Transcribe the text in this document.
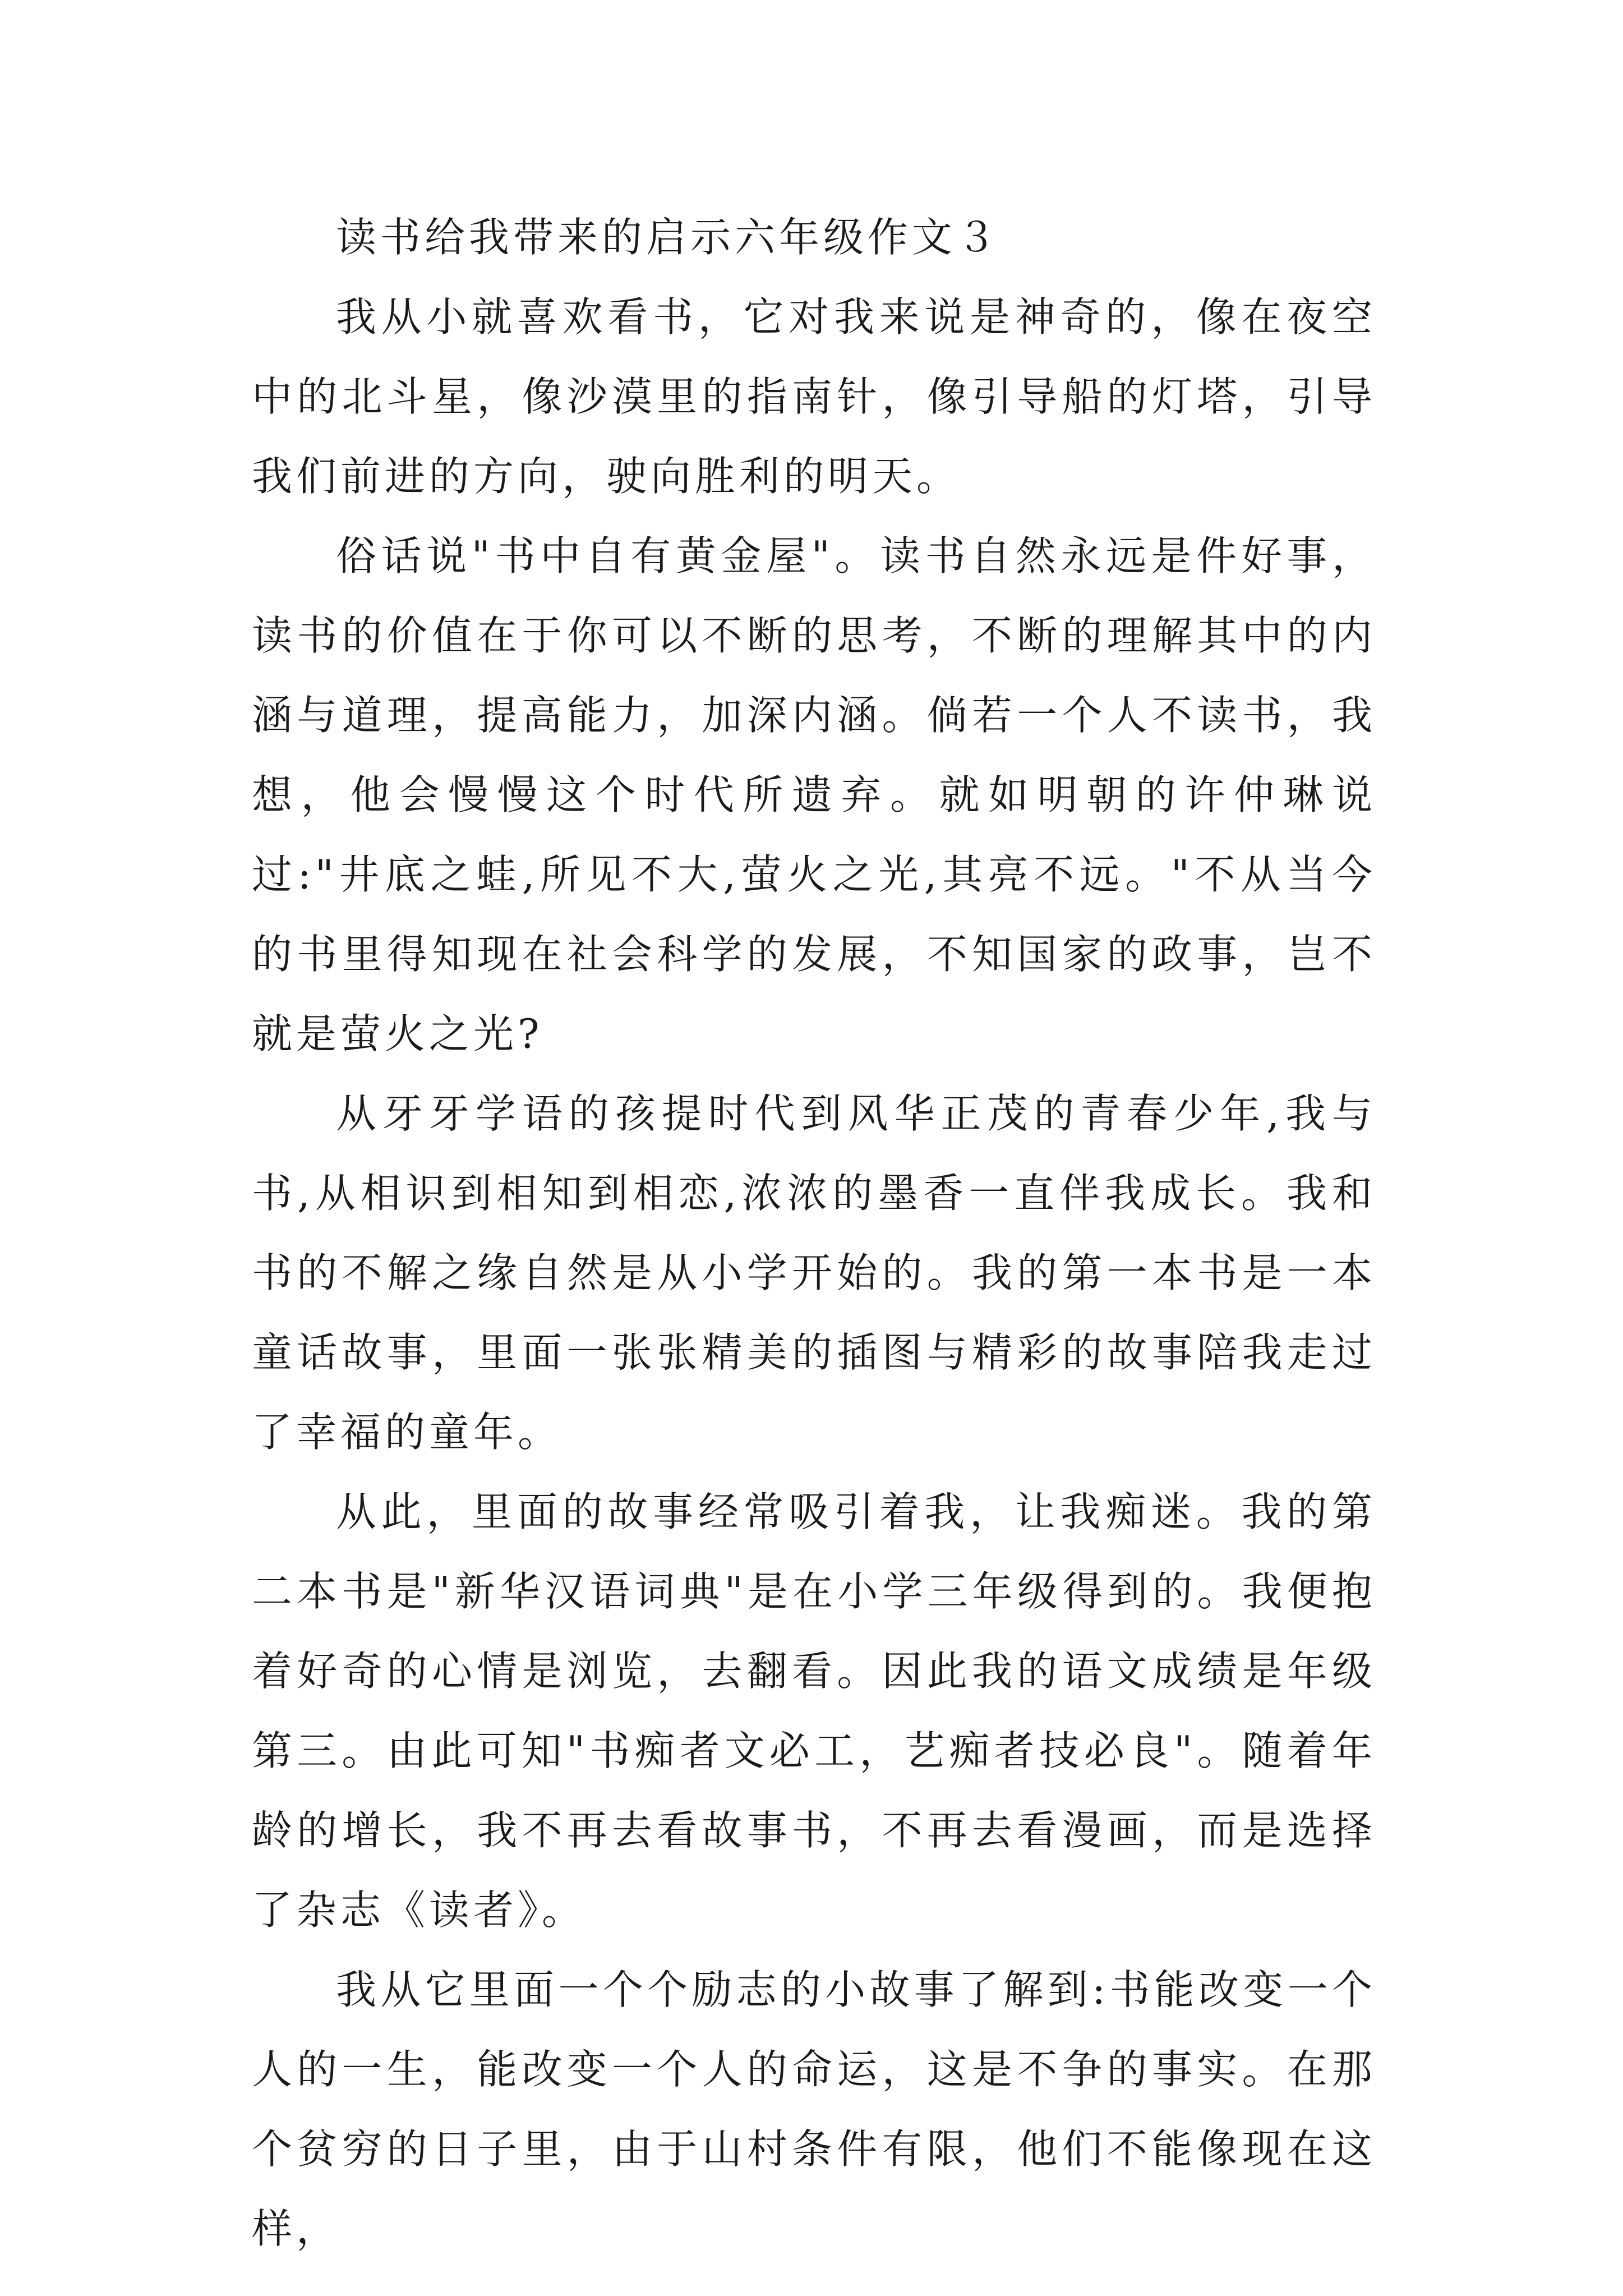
读书给我带来的启示六年级作文３

我从小就喜欢看书，它对我来说是神奇的，像在夜空中的北斗星，像沙漠里的指南针，像引导船的灯塔，引导我们前进的方向，驶向胜利的明天。

俗话说"书中自有黄金屋"。读书自然永远是件好事，读书的价值在于你可以不断的思考，不断的理解其中的内涵与道理，提高能力，加深内涵。倘若一个人不读书，我想，他会慢慢这个时代所遗弃。就如明朝的许仲琳说过:"井底之蛙,所见不大,萤火之光,其亮不远。"不从当今的书里得知现在社会科学的发展，不知国家的政事，岂不就是萤火之光?

从牙牙学语的孩提时代到风华正茂的青春少年,我与书,从相识到相知到相恋,浓浓的墨香一直伴我成长。我和书的不解之缘自然是从小学开始的。我的第一本书是一本童话故事，里面一张张精美的插图与精彩的故事陪我走过了幸福的童年。

从此，里面的故事经常吸引着我，让我痴迷。我的第二本书是"新华汉语词典"是在小学三年级得到的。我便抱着好奇的心情是浏览，去翻看。因此我的语文成绩是年级第三。由此可知"书痴者文必工，艺痴者技必良"。随着年龄的增长，我不再去看故事书，不再去看漫画，而是选择了杂志《读者》。

我从它里面一个个励志的小故事了解到:书能改变一个人的一生，能改变一个人的命运，这是不争的事实。在那个贫穷的日子里，由于山村条件有限，他们不能像现在这样，
